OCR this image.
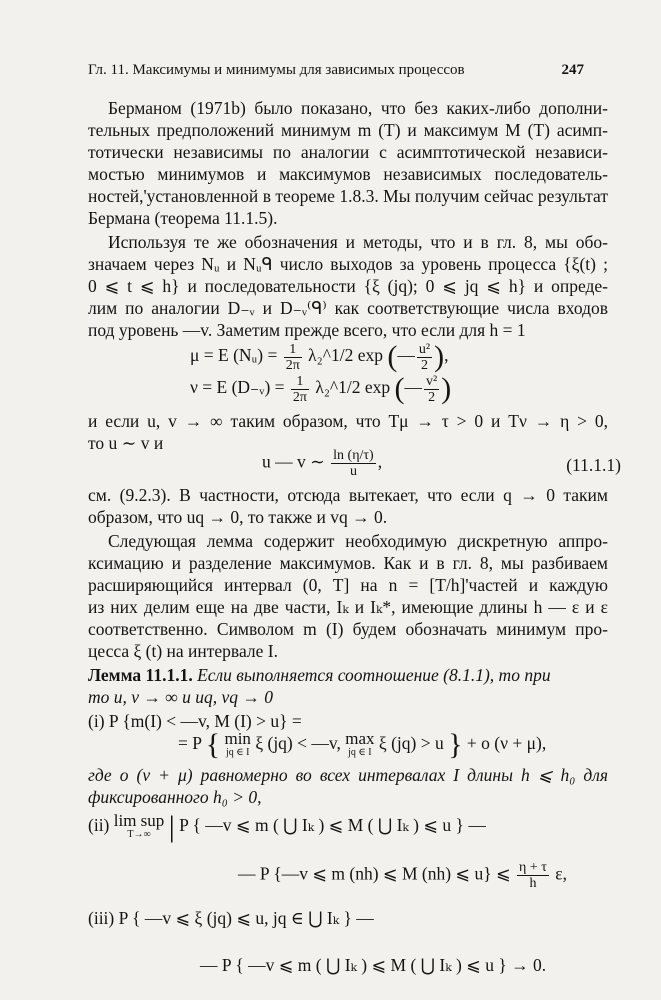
Гл. 11. Максимумы и минимумы для зависимых процессов	247
Берманом (1971b) было показано, что без каких-либо дополни-
тельных предположений минимум m (T) и максимум M (T) асимп-
тотически независимы по аналогии с асимптотической независи-
мостью минимумов и максимумов независимых последователь-
ностей,'установленной в теореме 1.8.3. Мы получим сейчас результат
Бермана (теорема 11.1.5).
Используя те же обозначения и методы, что и в гл. 8, мы обо-
значаем через Nᵤ и Nᵤᑫ число выходов за уровень процесса {ξ(t) ;
0 ⩽ t ⩽ h} и последовательности {ξ (jq); 0 ⩽ jq ⩽ h} и опреде-
лим по аналогии D₋ᵥ и D₋ᵥ⁽ᑫ⁾ как соответствующие числа входов
под уровень —v. Заметим прежде всего, что если для h = 1
μ = E (Nᵤ) = $\frac{1}{2\pi}$ λ₂^1/2 exp (— $\frac{\text{u²}}{2}$ ),
ν = E (D₋ᵥ) = $\frac{1}{2\pi}$ λ₂^1/2 exp (— $\frac{\text{v²}}{2}$ )
и если u, v → ∞ таким образом, что Tμ → τ > 0 и Tν → η > 0,
то u ∼ v и
u — v ∼ $\frac{\ln (\eta/\tau)}{u}$ ,	(11.1.1)
см. (9.2.3). В частности, отсюда вытекает, что если q → 0 таким
образом, что uq → 0, то также и vq → 0.
Следующая лемма содержит необходимую дискретную аппро-
ксимацию и разделение максимумов. Как и в гл. 8, мы разбиваем
расширяющийся интервал (0, T] на n = [T/h]'частей и каждую
из них делим еще на две части, Iₖ и Iₖ*, имеющие длины h — ε и ε
соответственно. Символом m (I) будем обозначать минимум про-
цесса ξ (t) на интервале I.
Лемма 11.1.1. Если выполняется соотношение (8.1.1), то при
то u, v → ∞ и uq, vq → 0
(i) P {m(I) < —v, M (I) > u} =
= P { min
jq ∈ I ξ (jq) < —v, max
jq ∈ I ξ (jq) > u } + o (ν + μ),
где o (ν + μ) равномерно во всех интервалах I длины h ⩽ h₀ для
фиксированного h₀ > 0,
(ii) lim sup
T→∞ | P { —v ⩽ m ( ⋃ Iₖ ) ⩽ M ( ⋃ Iₖ ) ⩽ u } —
— P {—v ⩽ m (nh) ⩽ M (nh) ⩽ u} ⩽ $\frac{\eta + \tau}{h} \varepsilon$,
(iii) P { —v ⩽ ξ (jq) ⩽ u, jq ∈ ⋃ Iₖ } —
— P { —v ⩽ m ( ⋃ Iₖ ) ⩽ M ( ⋃ Iₖ ) ⩽ u } → 0.
